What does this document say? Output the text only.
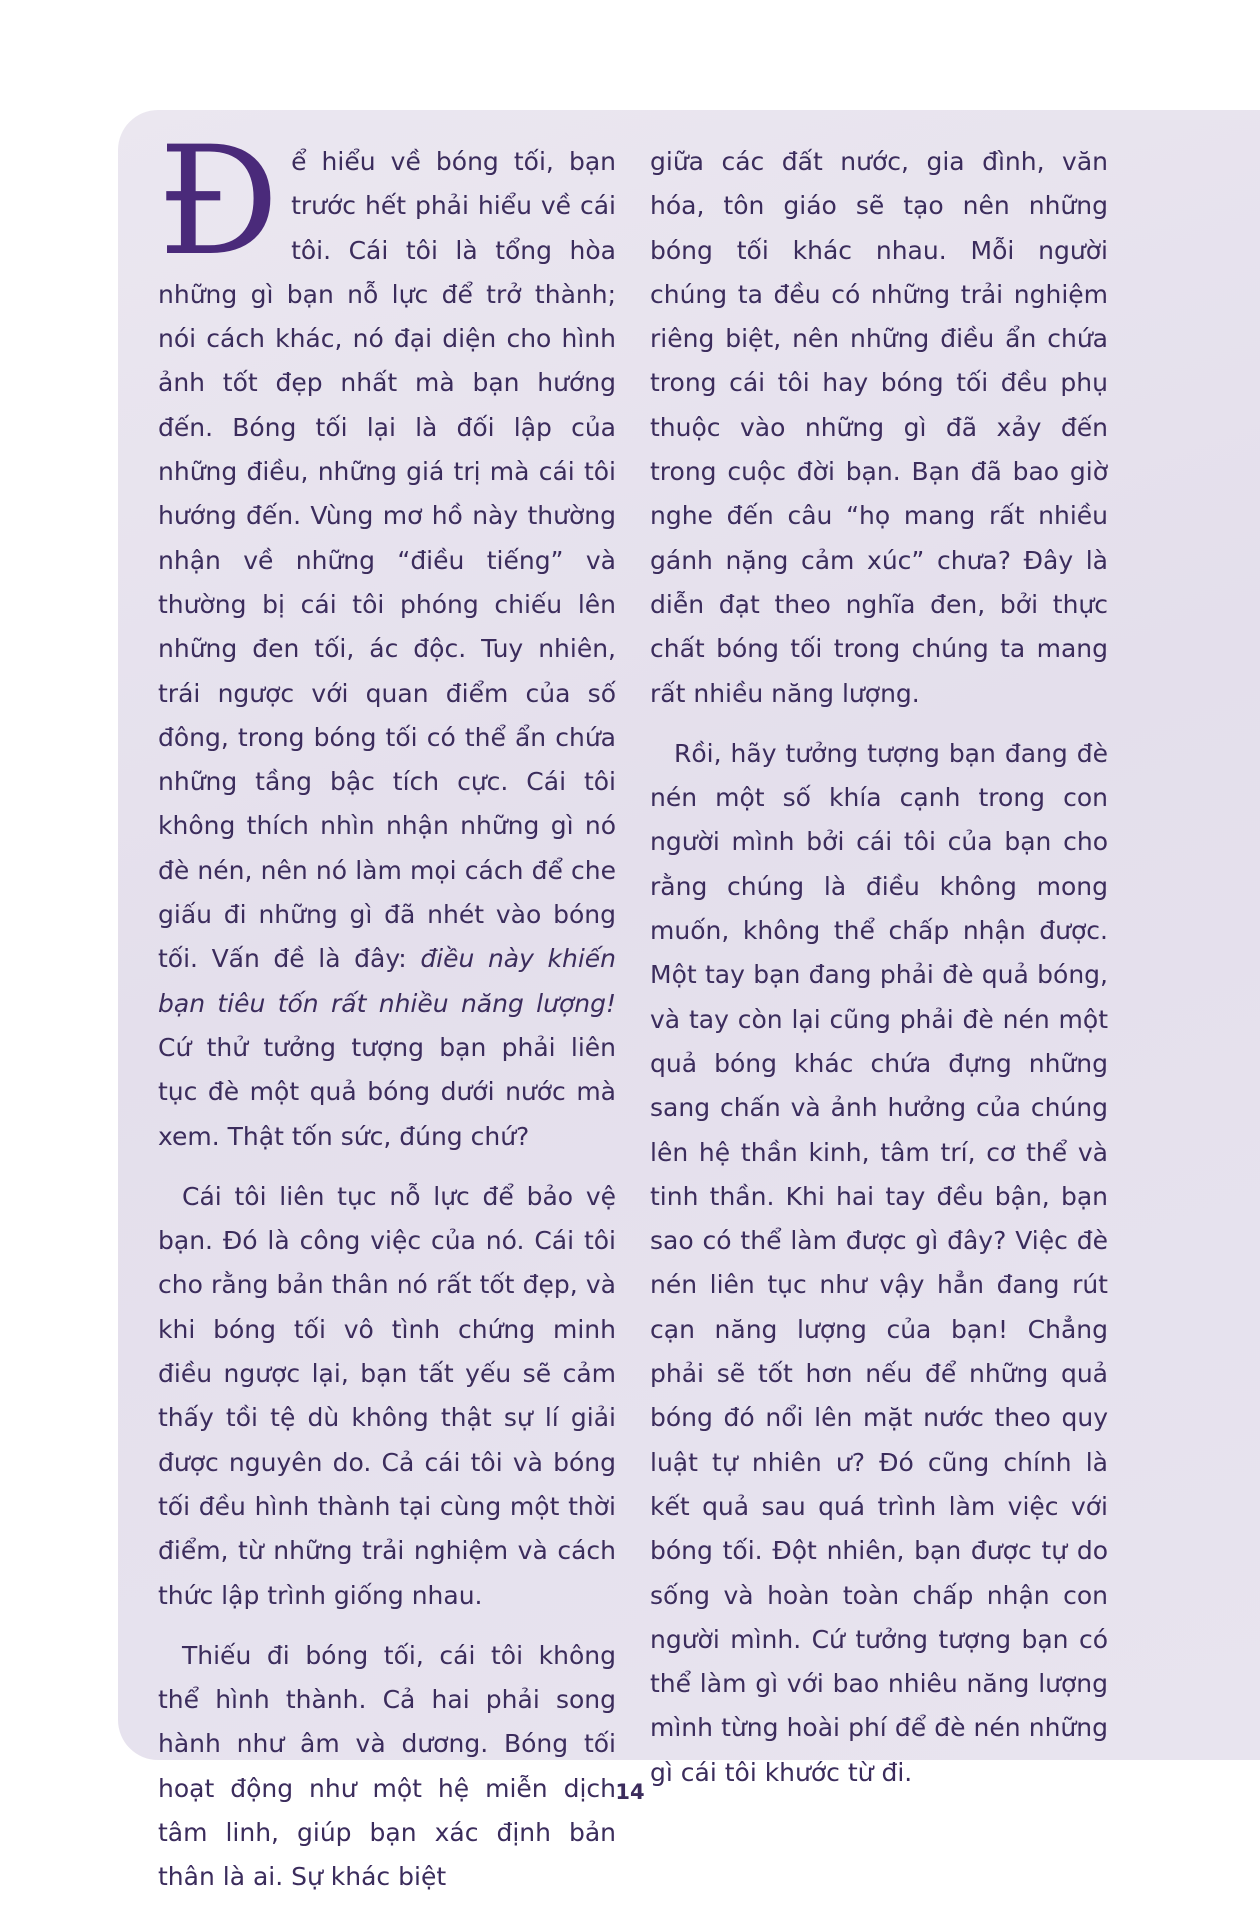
Để hiểu về bóng tối, bạn trước hết phải hiểu về cái tôi. Cái tôi là tổng hòa những gì bạn nỗ lực để trở thành; nói cách khác, nó đại diện cho hình ảnh tốt đẹp nhất mà bạn hướng đến. Bóng tối lại là đối lập của những điều, những giá trị mà cái tôi hướng đến. Vùng mơ hồ này thường nhận về những “điều tiếng” và thường bị cái tôi phóng chiếu lên những đen tối, ác độc. Tuy nhiên, trái ngược với quan điểm của số đông, trong bóng tối có thể ẩn chứa những tầng bậc tích cực. Cái tôi không thích nhìn nhận những gì nó đè nén, nên nó làm mọi cách để che giấu đi những gì đã nhét vào bóng tối. Vấn đề là đây: điều này khiến bạn tiêu tốn rất nhiều năng lượng! Cứ thử tưởng tượng bạn phải liên tục đè một quả bóng dưới nước mà xem. Thật tốn sức, đúng chứ?

Cái tôi liên tục nỗ lực để bảo vệ bạn. Đó là công việc của nó. Cái tôi cho rằng bản thân nó rất tốt đẹp, và khi bóng tối vô tình chứng minh điều ngược lại, bạn tất yếu sẽ cảm thấy tồi tệ dù không thật sự lí giải được nguyên do. Cả cái tôi và bóng tối đều hình thành tại cùng một thời điểm, từ những trải nghiệm và cách thức lập trình giống nhau.

Thiếu đi bóng tối, cái tôi không thể hình thành. Cả hai phải song hành như âm và dương. Bóng tối hoạt động như một hệ miễn dịch tâm linh, giúp bạn xác định bản thân là ai. Sự khác biệt

giữa các đất nước, gia đình, văn hóa, tôn giáo sẽ tạo nên những bóng tối khác nhau. Mỗi người chúng ta đều có những trải nghiệm riêng biệt, nên những điều ẩn chứa trong cái tôi hay bóng tối đều phụ thuộc vào những gì đã xảy đến trong cuộc đời bạn. Bạn đã bao giờ nghe đến câu “họ mang rất nhiều gánh nặng cảm xúc” chưa? Đây là diễn đạt theo nghĩa đen, bởi thực chất bóng tối trong chúng ta mang rất nhiều năng lượng.

Rồi, hãy tưởng tượng bạn đang đè nén một số khía cạnh trong con người mình bởi cái tôi của bạn cho rằng chúng là điều không mong muốn, không thể chấp nhận được. Một tay bạn đang phải đè quả bóng, và tay còn lại cũng phải đè nén một quả bóng khác chứa đựng những sang chấn và ảnh hưởng của chúng lên hệ thần kinh, tâm trí, cơ thể và tinh thần. Khi hai tay đều bận, bạn sao có thể làm được gì đây? Việc đè nén liên tục như vậy hẳn đang rút cạn năng lượng của bạn! Chẳng phải sẽ tốt hơn nếu để những quả bóng đó nổi lên mặt nước theo quy luật tự nhiên ư? Đó cũng chính là kết quả sau quá trình làm việc với bóng tối. Đột nhiên, bạn được tự do sống và hoàn toàn chấp nhận con người mình. Cứ tưởng tượng bạn có thể làm gì với bao nhiêu năng lượng mình từng hoài phí để đè nén những gì cái tôi khước từ đi.

14
